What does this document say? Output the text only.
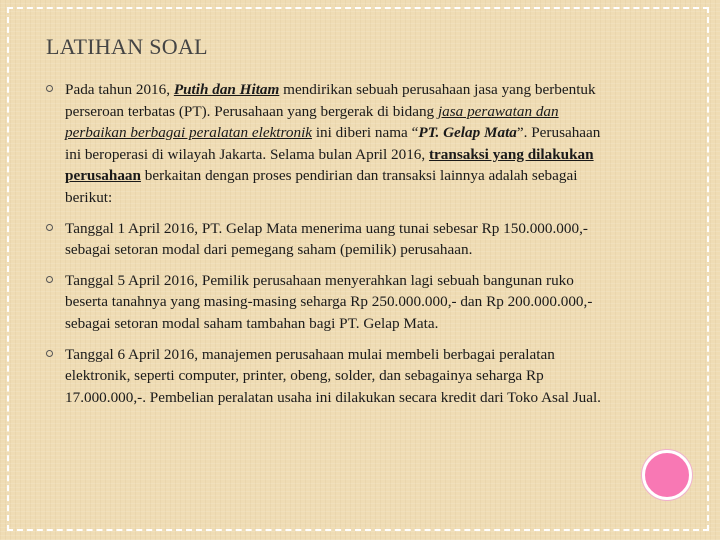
LATIHAN SOAL
Pada tahun 2016, Putih dan Hitam mendirikan sebuah perusahaan jasa yang berbentuk perseroan terbatas (PT). Perusahaan yang bergerak di bidang jasa perawatan dan perbaikan berbagai peralatan elektronik ini diberi nama “PT. Gelap Mata”. Perusahaan ini beroperasi di wilayah Jakarta. Selama bulan April 2016, transaksi yang dilakukan perusahaan berkaitan dengan proses pendirian dan transaksi lainnya adalah sebagai berikut:
Tanggal 1 April 2016, PT. Gelap Mata menerima uang tunai sebesar Rp 150.000.000,- sebagai setoran modal dari pemegang saham (pemilik) perusahaan.
Tanggal 5 April 2016, Pemilik perusahaan menyerahkan lagi sebuah bangunan ruko beserta tanahnya yang masing-masing seharga Rp 250.000.000,- dan Rp 200.000.000,- sebagai setoran modal saham tambahan bagi PT. Gelap Mata.
Tanggal 6 April 2016, manajemen perusahaan mulai membeli berbagai peralatan elektronik, seperti computer, printer, obeng, solder, dan sebagainya seharga Rp 17.000.000,-. Pembelian peralatan usaha ini dilakukan secara kredit dari Toko Asal Jual.
